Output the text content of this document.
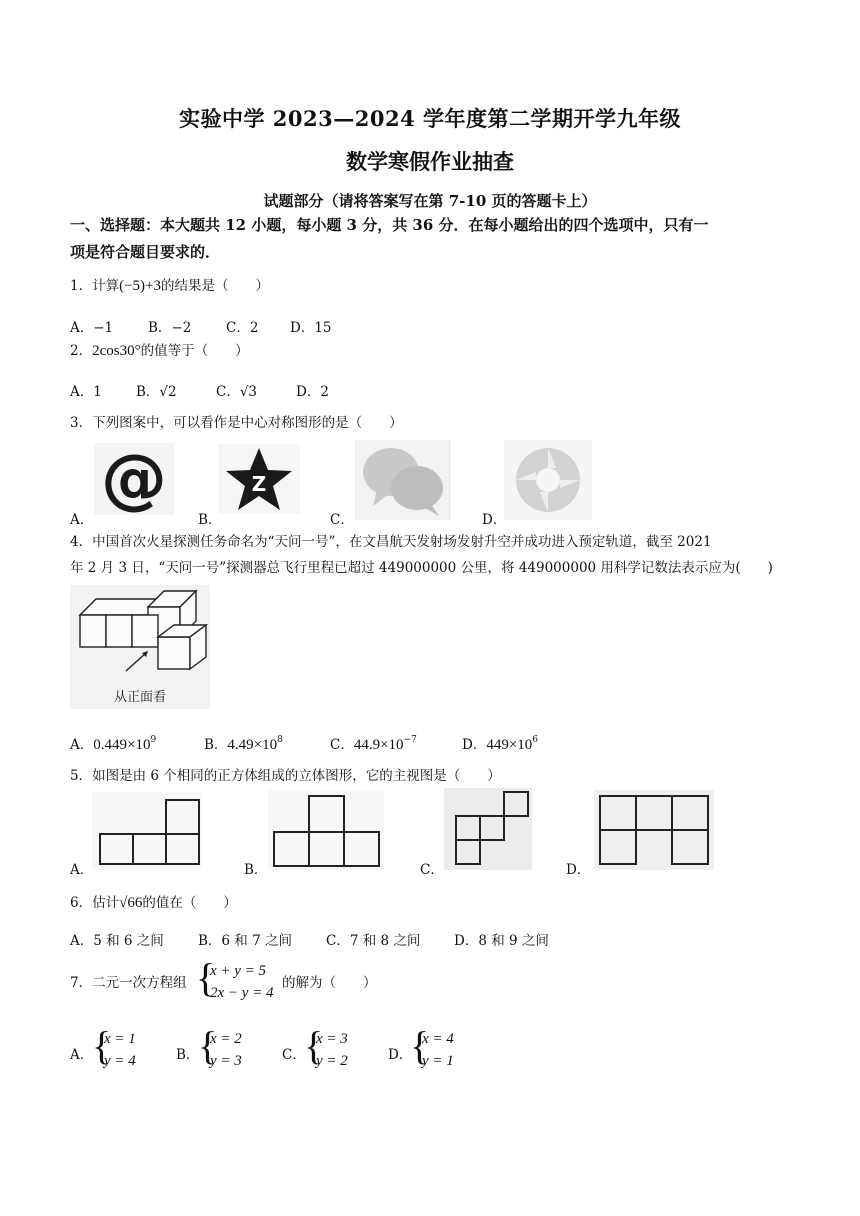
实验中学 2023—2024 学年度第二学期开学九年级
数学寒假作业抽查
试题部分（请将答案写在第 7-10 页的答题卡上）
一、选择题：本大题共 12 小题，每小题 3 分，共 36 分．在每小题给出的四个选项中，只有一
项是符合题目要求的．
1．计算(−5)+3的结果是（　　）
A．−1	B．−2	C．2 D．15
2．2cos30°的值等于（　　）
A．1	B．√2	C．√3	D．2
3．下列图案中，可以看作是中心对称图形的是（　　）
@	Z
A．	B．	C．	D．
4．中国首次火星探测任务命名为“天问一号”，在文昌航天发射场发射升空并成功进入预定轨道，截至 2021
年 2 月 3 日，“天问一号”探测器总飞行里程已超过 449000000 公里，将 449000000 用科学记数法表示应为(　　)
从正面看
A．$0.449\times 10^9$	B．$4.49\times 10^8$	C．$44.9\times 10^{-7}$	D．$449\times 10^6$
5．如图是由 6 个相同的正方体组成的立体图形，它的主视图是（　　）
A．	B．	C．	D．
6．估计√66的值在（　　）
A．5 和 6 之间	B．6 和 7 之间	C．7 和 8 之间 D．8 和 9 之间
7．二元一次方程组 {
x + y = 5
2x − y = 4
的解为（　　）
A．
{
x = 1
y = 4	B．
{
x = 2
y = 3	C．
{
x = 3
y = 2	D．
{
x = 4
y = 1
